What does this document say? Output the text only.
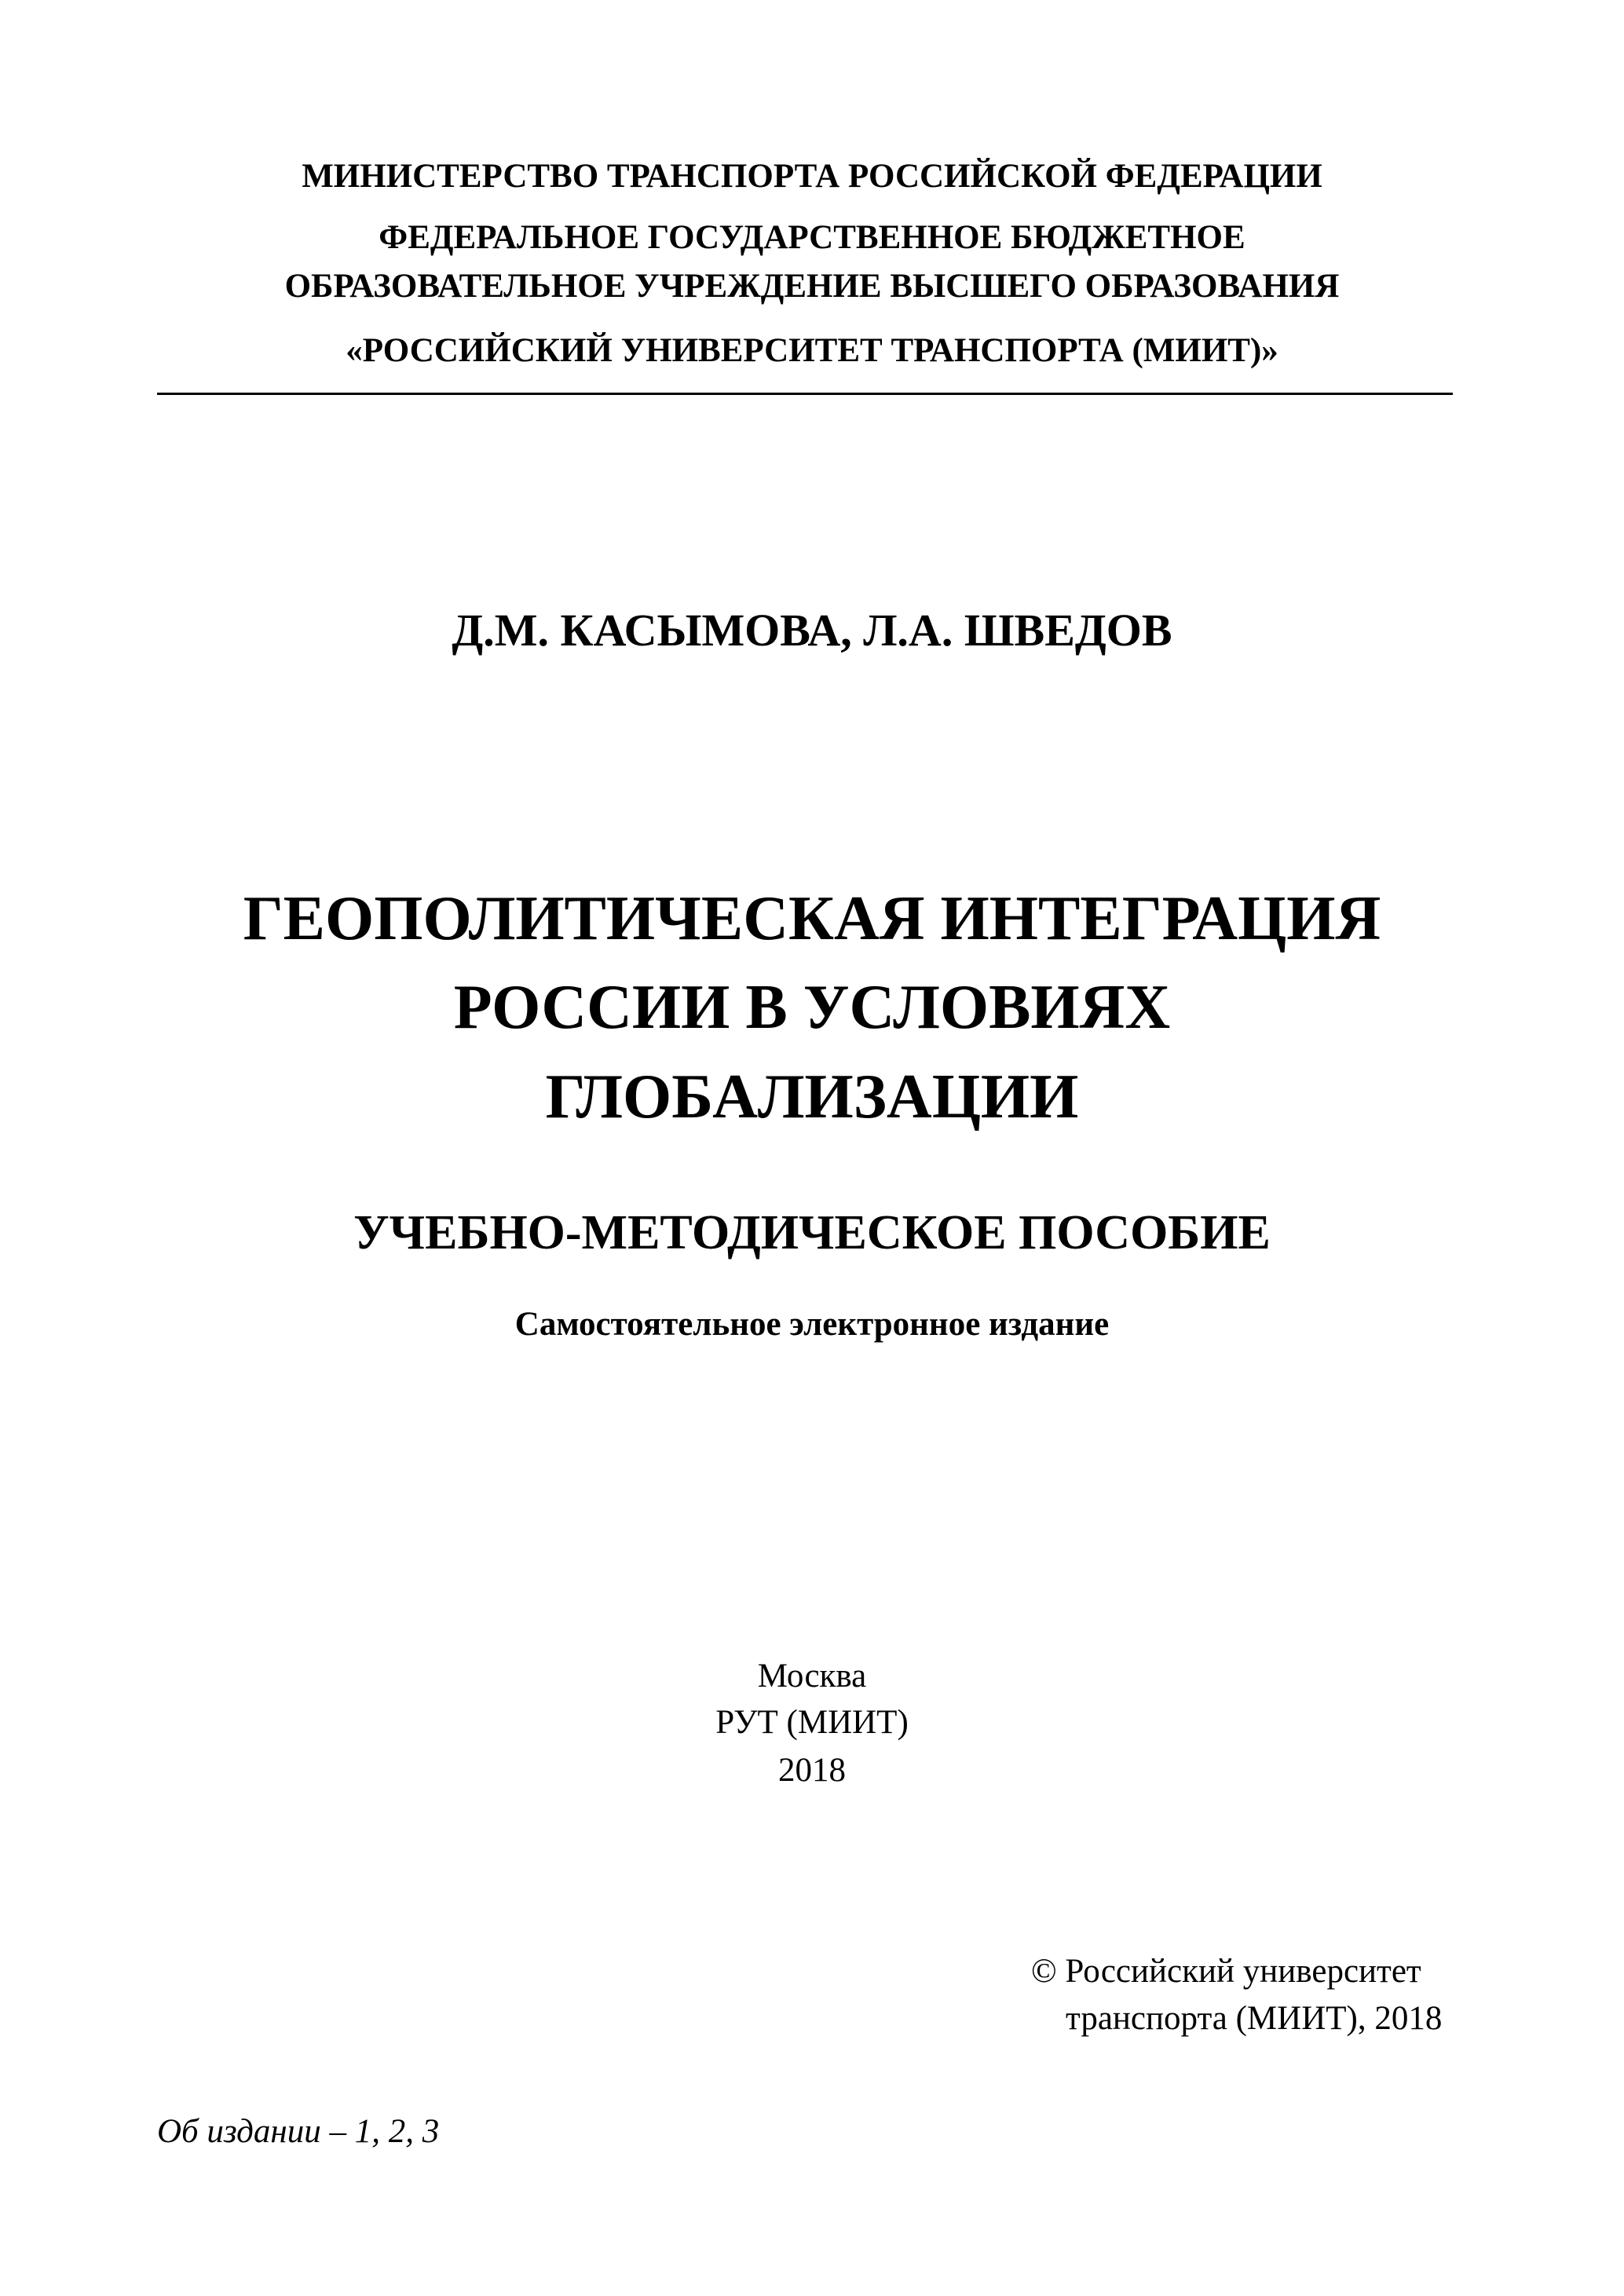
МИНИСТЕРСТВО ТРАНСПОРТА РОССИЙСКОЙ ФЕДЕРАЦИИ
ФЕДЕРАЛЬНОЕ ГОСУДАРСТВЕННОЕ БЮДЖЕТНОЕ
ОБРАЗОВАТЕЛЬНОЕ УЧРЕЖДЕНИЕ ВЫСШЕГО ОБРАЗОВАНИЯ
«РОССИЙСКИЙ УНИВЕРСИТЕТ ТРАНСПОРТА (МИИТ)»
Д.М. КАСЫМОВА, Л.А. ШВЕДОВ
ГЕОПОЛИТИЧЕСКАЯ ИНТЕГРАЦИЯ
РОССИИ В УСЛОВИЯХ
ГЛОБАЛИЗАЦИИ
УЧЕБНО-МЕТОДИЧЕСКОЕ ПОСОБИЕ
Самостоятельное электронное издание
Москва
РУТ (МИИТ)
2018
© Российский университет
транспорта (МИИТ), 2018
Об издании – 1, 2, 3
